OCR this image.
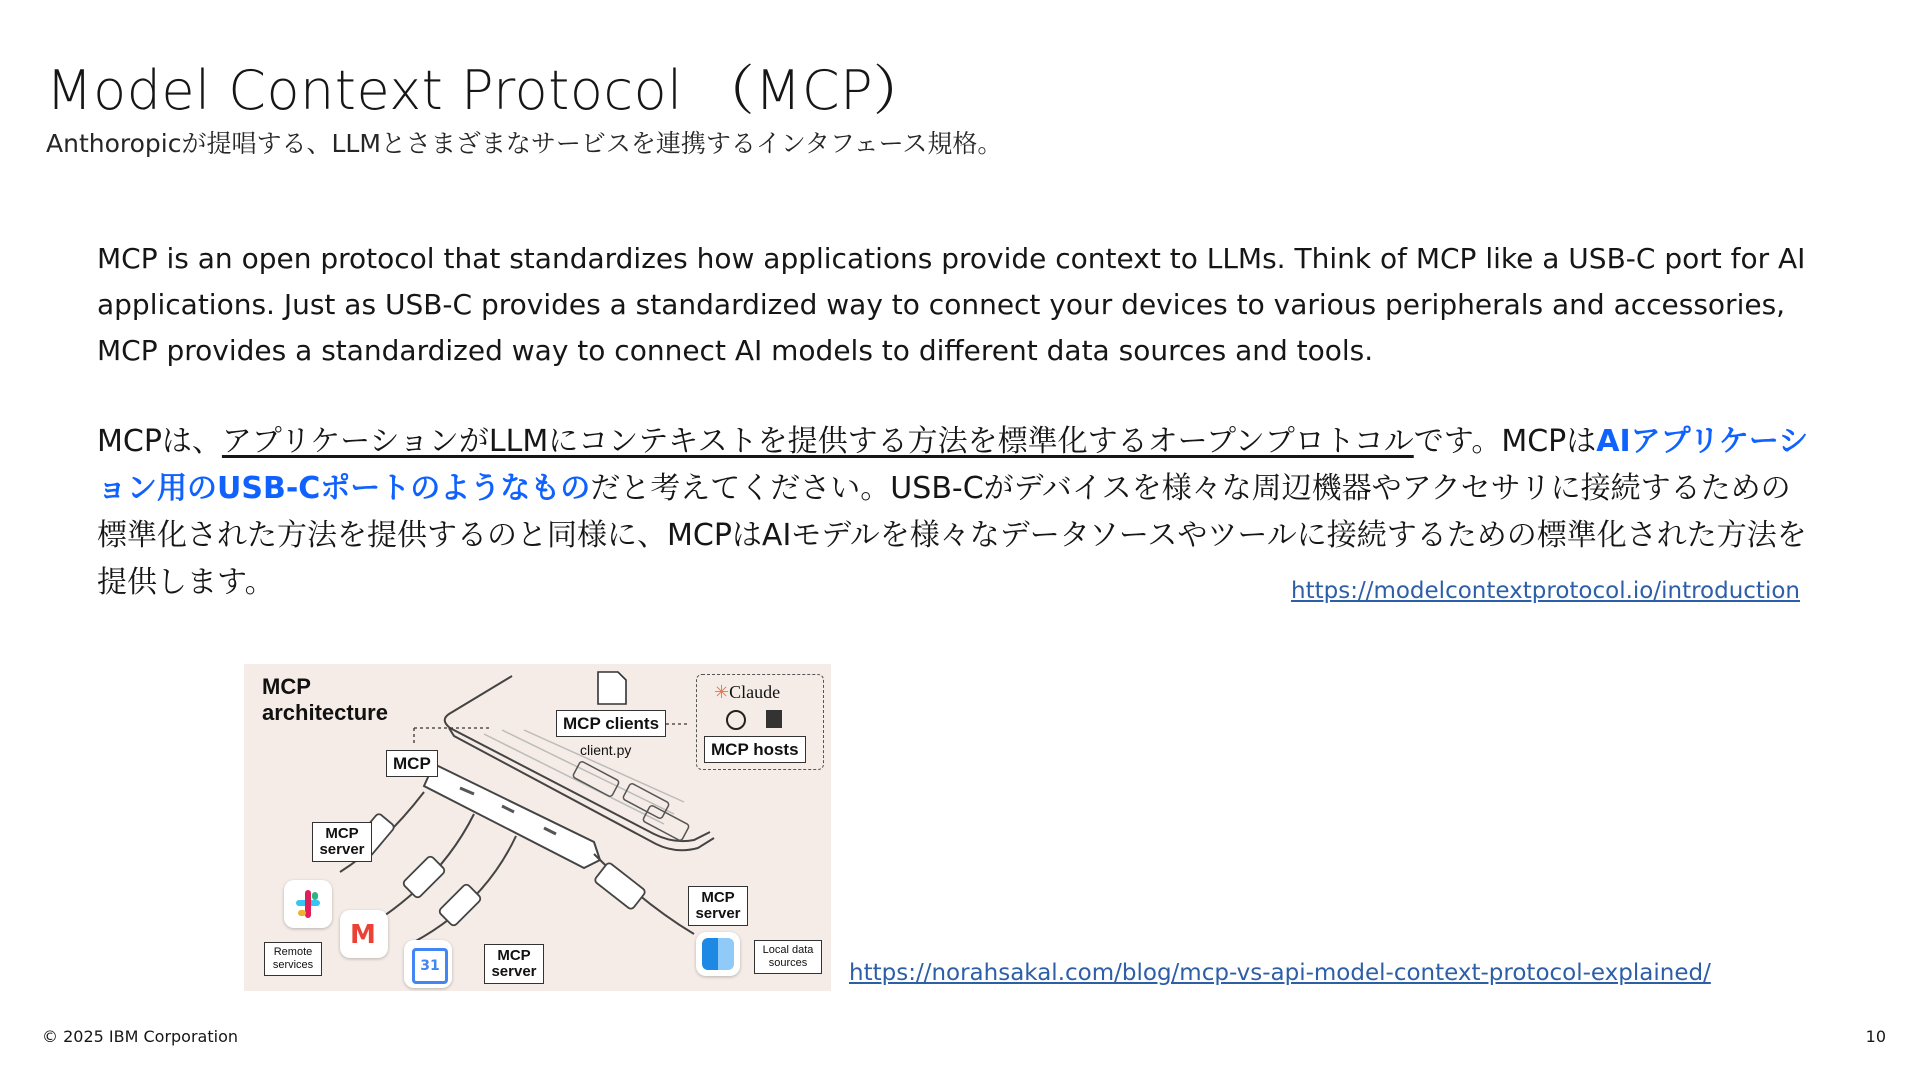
Model Context Protocol （MCP）
Anthoropicが提唱する、LLMとさまざまなサービスを連携するインタフェース規格。
MCP is an open protocol that standardizes how applications provide context to LLMs. Think of MCP like a USB-C port for AI applications. Just as USB-C provides a standardized way to connect your devices to various peripherals and accessories, MCP provides a standardized way to connect AI models to different data sources and tools.
MCPは、アプリケーションがLLMにコンテキストを提供する方法を標準化するオープンプロトコルです。MCPはAIアプリケーション用のUSB-Cポートのようなものだと考えてください。USB-Cがデバイスを様々な周辺機器やアクセサリに接続するための標準化された方法を提供するのと同様に、MCPはAIモデルを様々なデータソースやツールに接続するための標準化された方法を提供します。	https://modelcontextprotocol.io/introduction
MCP architecture
✳Claude
MCP hosts
MCP clients
client.py
MCP
MCP server
MCP server
MCP server
Remote services
Local data sources
M
31	https://norahsakal.com/blog/mcp-vs-api-model-context-protocol-explained/
© 2025 IBM Corporation	10
